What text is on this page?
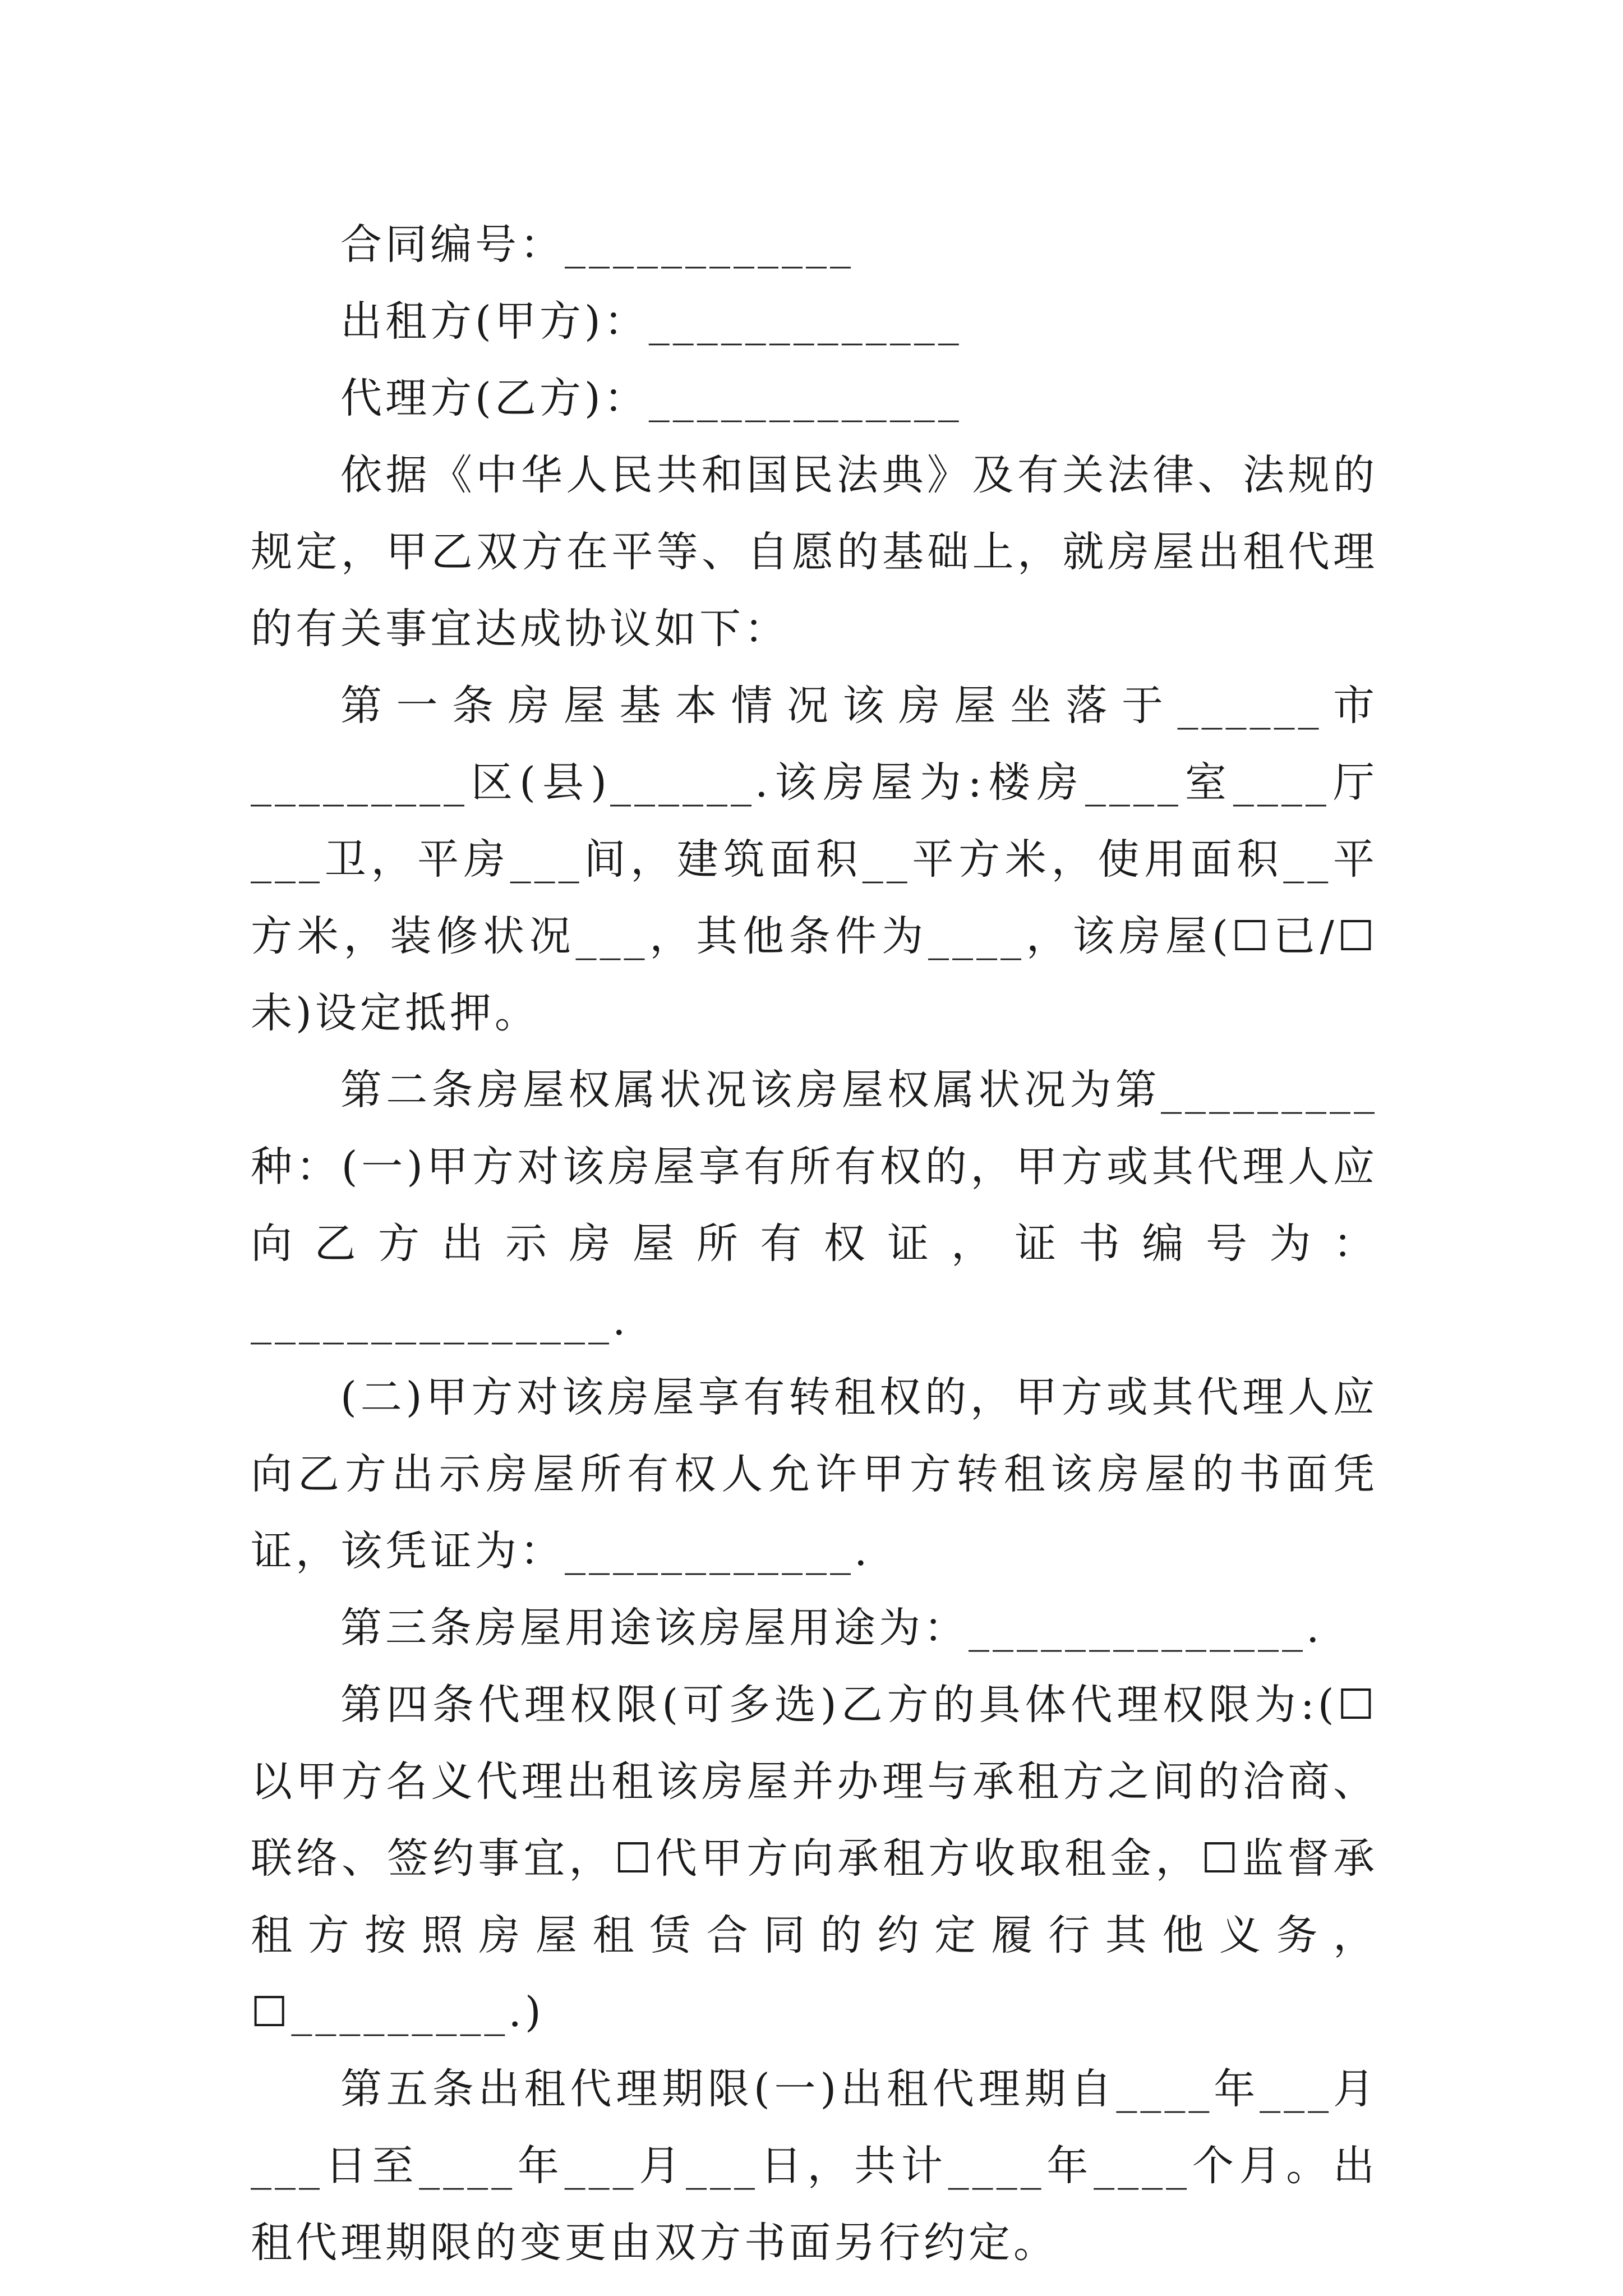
合同编号：____________
出租方(甲方)：_____________
代理方(乙方)：_____________
依据《中华人民共和国民法典》及有关法律、法规的规定，甲乙双方在平等、自愿的基础上，就房屋出租代理的有关事宜达成协议如下：
第一条房屋基本情况该房屋坐落于______市_________区(县)______.该房屋为:楼房____室____厅___卫，平房___间，建筑面积__平方米，使用面积__平方米，装修状况___，其他条件为____，该房屋(☐已/☐未)设定抵押。
第二条房屋权属状况该房屋权属状况为第_________种：(一)甲方对该房屋享有所有权的，甲方或其代理人应向乙方出示房屋所有权证，证书编号为：_______________.
(二)甲方对该房屋享有转租权的，甲方或其代理人应向乙方出示房屋所有权人允许甲方转租该房屋的书面凭证，该凭证为：____________.
第三条房屋用途该房屋用途为：______________.
第四条代理权限(可多选)乙方的具体代理权限为:(☐以甲方名义代理出租该房屋并办理与承租方之间的洽商、联络、签约事宜，☐代甲方向承租方收取租金，☐监督承租方按照房屋租赁合同的约定履行其他义务，☐_________.)
第五条出租代理期限(一)出租代理期自____年___月___日至____年___月___日，共计____年____个月。出租代理期限的变更由双方书面另行约定。
